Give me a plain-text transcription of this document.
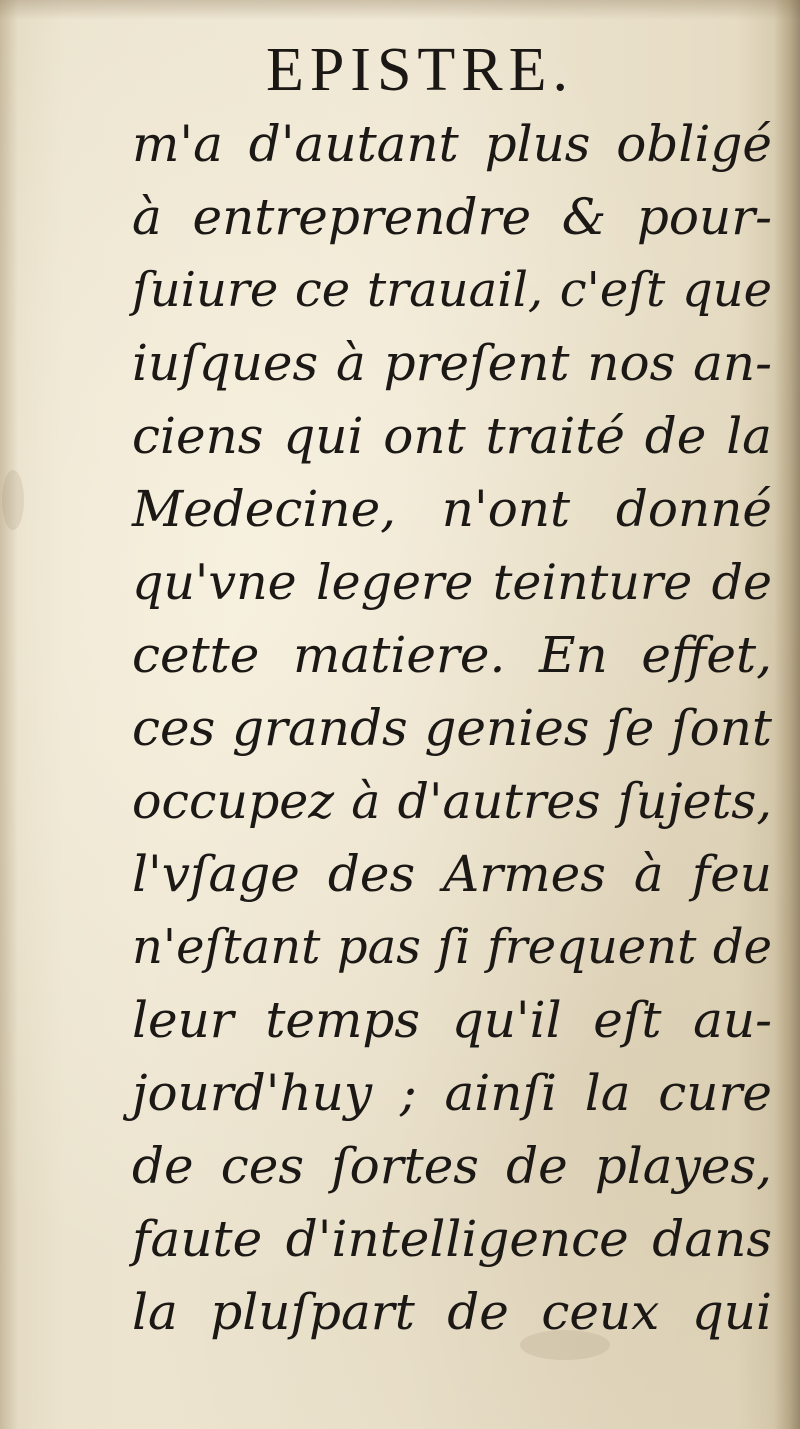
EPISTRE.
m'a d'autant plus obligé
à entreprendre & pour-
ſuiure ce trauail, c'eſt que
iuſques à preſent nos an-
ciens qui ont traité de la
Medecine, n'ont donné
qu'vne legere teinture de
cette matiere. En effet,
ces grands genies ſe ſont
occupez à d'autres ſujets,
l'vſage des Armes à feu
n'eſtant pas ſi frequent de
leur temps qu'il eſt au-
jourd'huy ; ainſi la cure
de ces ſortes de playes,
faute d'intelligence dans
la pluſpart de ceux qui
